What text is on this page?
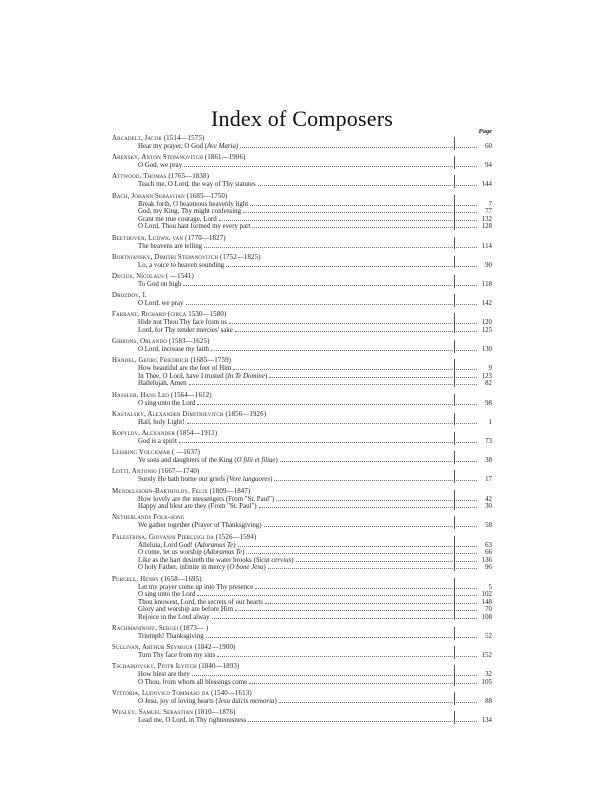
Index of Composers
Page
Arcadelt, Jacob (1514—1575)
Hear my prayer, O God (Ave Maria)	60
Arensky, Anton Stepanovitch (1861—1906)
O God, we pray	94
Attwood, Thomas (1765—1838)
Teach me, O Lord, the way of Thy statutes	144
Bach, Johann Sebastian (1685—1750)
Break forth, O beauteous heavenly light	7
God, my King, Thy might confessing	77
Grant me true courage, Lord	132
O Lord, Thou hast formed my every part	128
Beethoven, Ludwig van (1770—1827)
The heavens are telling	114
Bortniansky, Dimitri Stepanovitch (1752—1825)
Lo, a voice to heaven sounding	90
Decius, Nicolaus ( —1541)
To God on high	118
Drozdov, I.
O Lord, we pray	142
Farrant, Richard (circa 1530—1580)
Hide not Thou Thy face from us	120
Lord, for Thy tender mercies' sake	125
Gibbons, Orlando (1583—1625)
O Lord, increase my faith	130
Händel, Georg Friedrich (1685—1759)
How beautiful are the feet of Him	9
In Thee, O Lord, have I trusted (In Te Domine)	123
Hallelujah, Amen	82
Hassler, Hans Leo (1564—1612)
O sing unto the Lord	98
Kastalsky, Alexander Dimitrievitch (1856—1926)
Hail, holy Light!	1
Kopylov, Alexander (1854—1911)
God is a spirit	73
Leisring Volckmar ( —1637)
Ye sons and daughters of the King (O filii et filiae)	38
Lotti, Antonio (1667—1740)
Surely He hath borne our griefs (Vere languores)	17
Mendelssohn-Bartholdy, Felix (1809—1847)
How lovely are the messengers (From "St. Paul")	42
Happy and blest are they (From "St. Paul")	30
Netherlands Folk-song
We gather together (Prayer of Thanksgiving)	58
Palestrina, Giovanni Pierluigi da (1526—1594)
Alleluia, Lord God! (Adoramus Te)	63
O come, let us worship (Adoramus Te)	66
Like as the hart desireth the water brooks (Sicut cervius)	136
O holy Father, infinite in mercy (O bone Jesu)	96
Purcell, Henry (1658—1695)
Let my prayer come up into Thy presence	5
O sing unto the Lord	102
Thou knowest, Lord, the secrets of our hearts	148
Glory and worship are before Him	70
Rejoice in the Lord alway	108
Rachmaninoff, Sergei (1873— )
Triumph! Thanksgiving	52
Sullivan, Arthur Seymour (1842—1900)
Turn Thy face from my sins	152
Tschaikovsky, Piotr Ilyitch (1840—1893)
How blest are they	32
O Thou, from whom all blessings come	105
Vittoria, Ludovico Tommaso da (1540—1613)
O Jesu, joy of loving hearts (Jesu dulcis memoria)	88
Wesley, Samuel Sebastian (1810—1876)
Lead me, O Lord, in Thy righteousness	134
